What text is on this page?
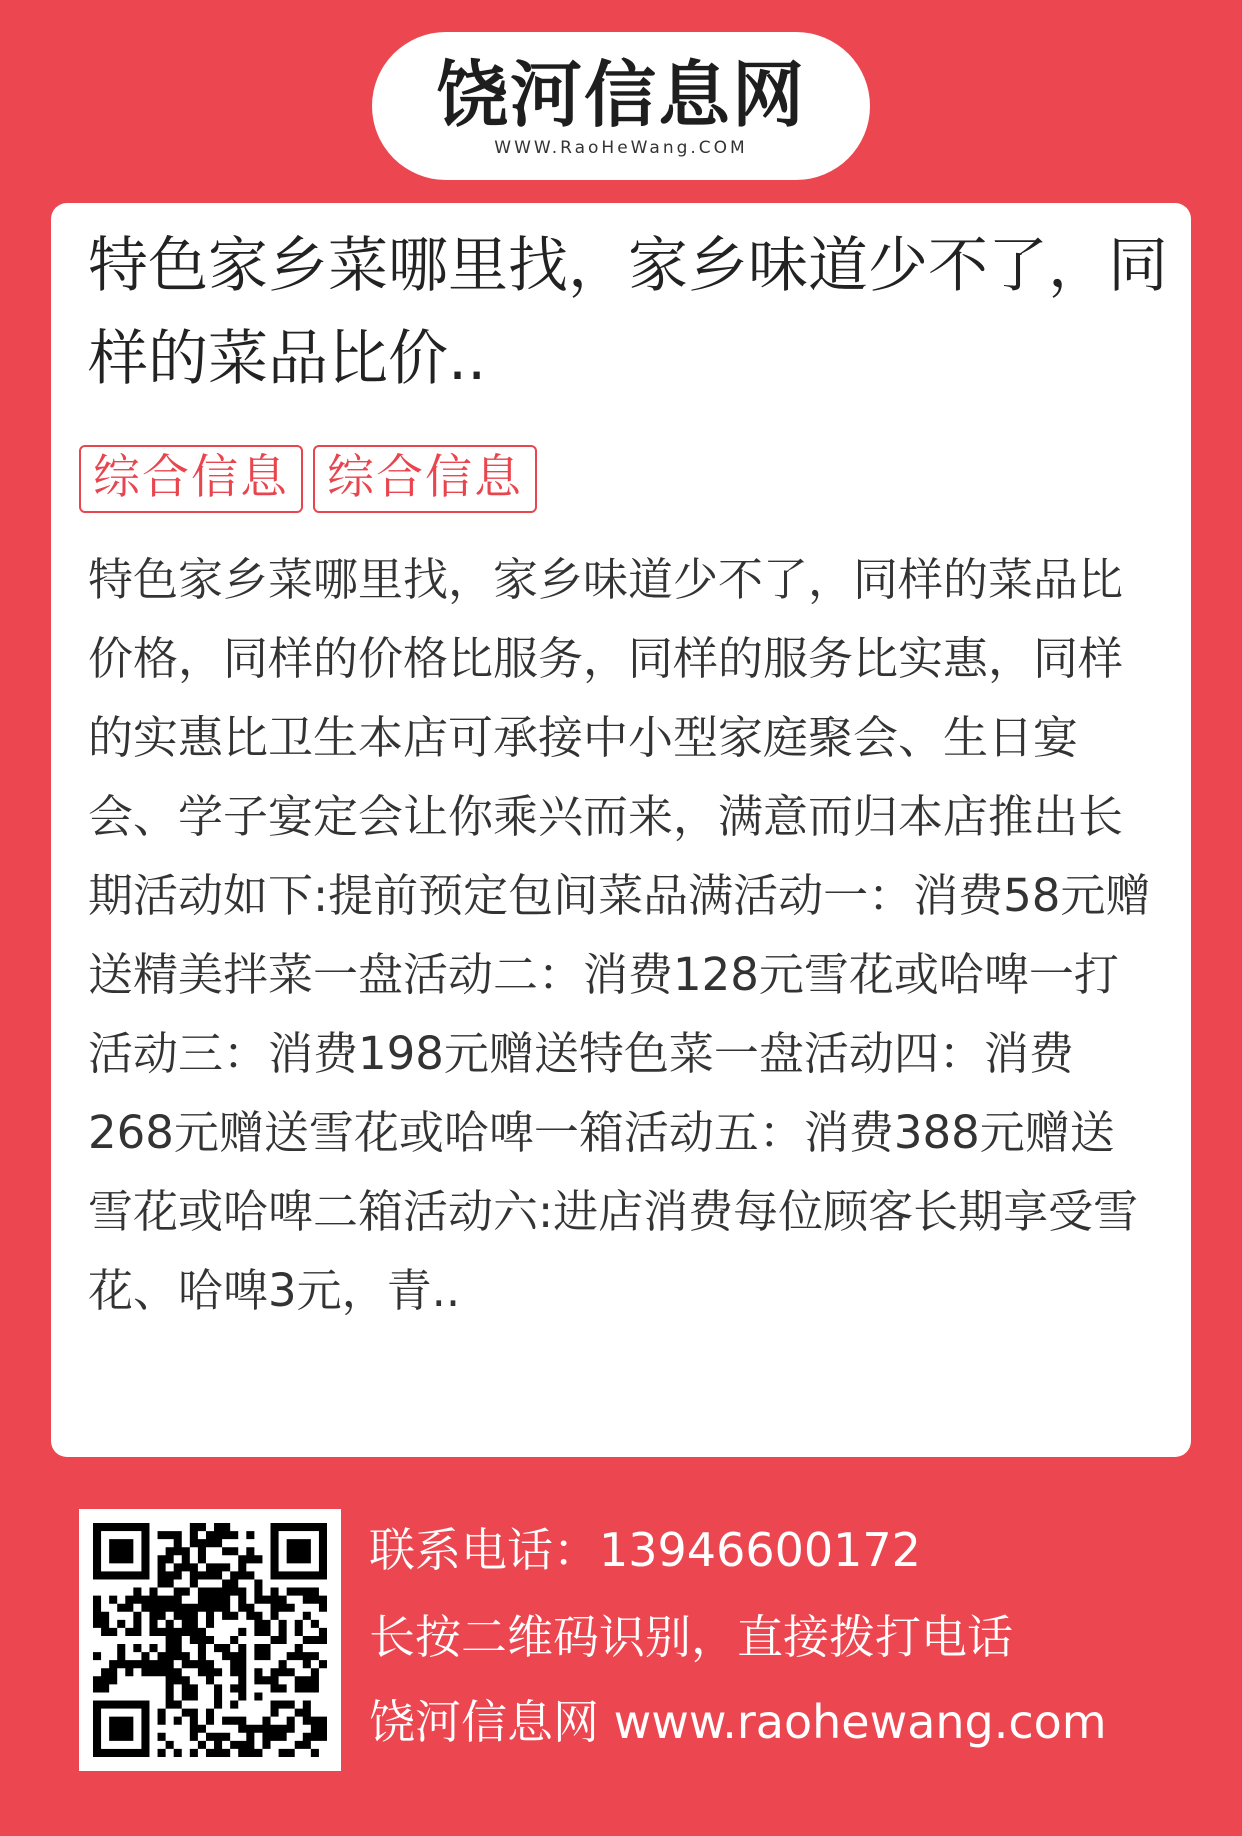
饶河信息网
WWW.RaoHeWang.COM
特色家乡菜哪里找，家乡味道少不了，同样的菜品比价..
综合信息 综合信息

特色家乡菜哪里找，家乡味道少不了，同样的菜品比价格，同样的价格比服务，同样的服务比实惠，同样的实惠比卫生本店可承接中小型家庭聚会、生日宴会、学子宴定会让你乘兴而来，满意而归本店推出长期活动如下:提前预定包间菜品满活动一：消费58元赠送精美拌菜一盘活动二：消费128元雪花或哈啤一打活动三：消费198元赠送特色菜一盘活动四：消费268元赠送雪花或哈啤一箱活动五：消费388元赠送雪花或哈啤二箱活动六:进店消费每位顾客长期享受雪花、哈啤3元，青..

联系电话：13946600172
长按二维码识别，直接拨打电话
饶河信息网 www.raohewang.com
